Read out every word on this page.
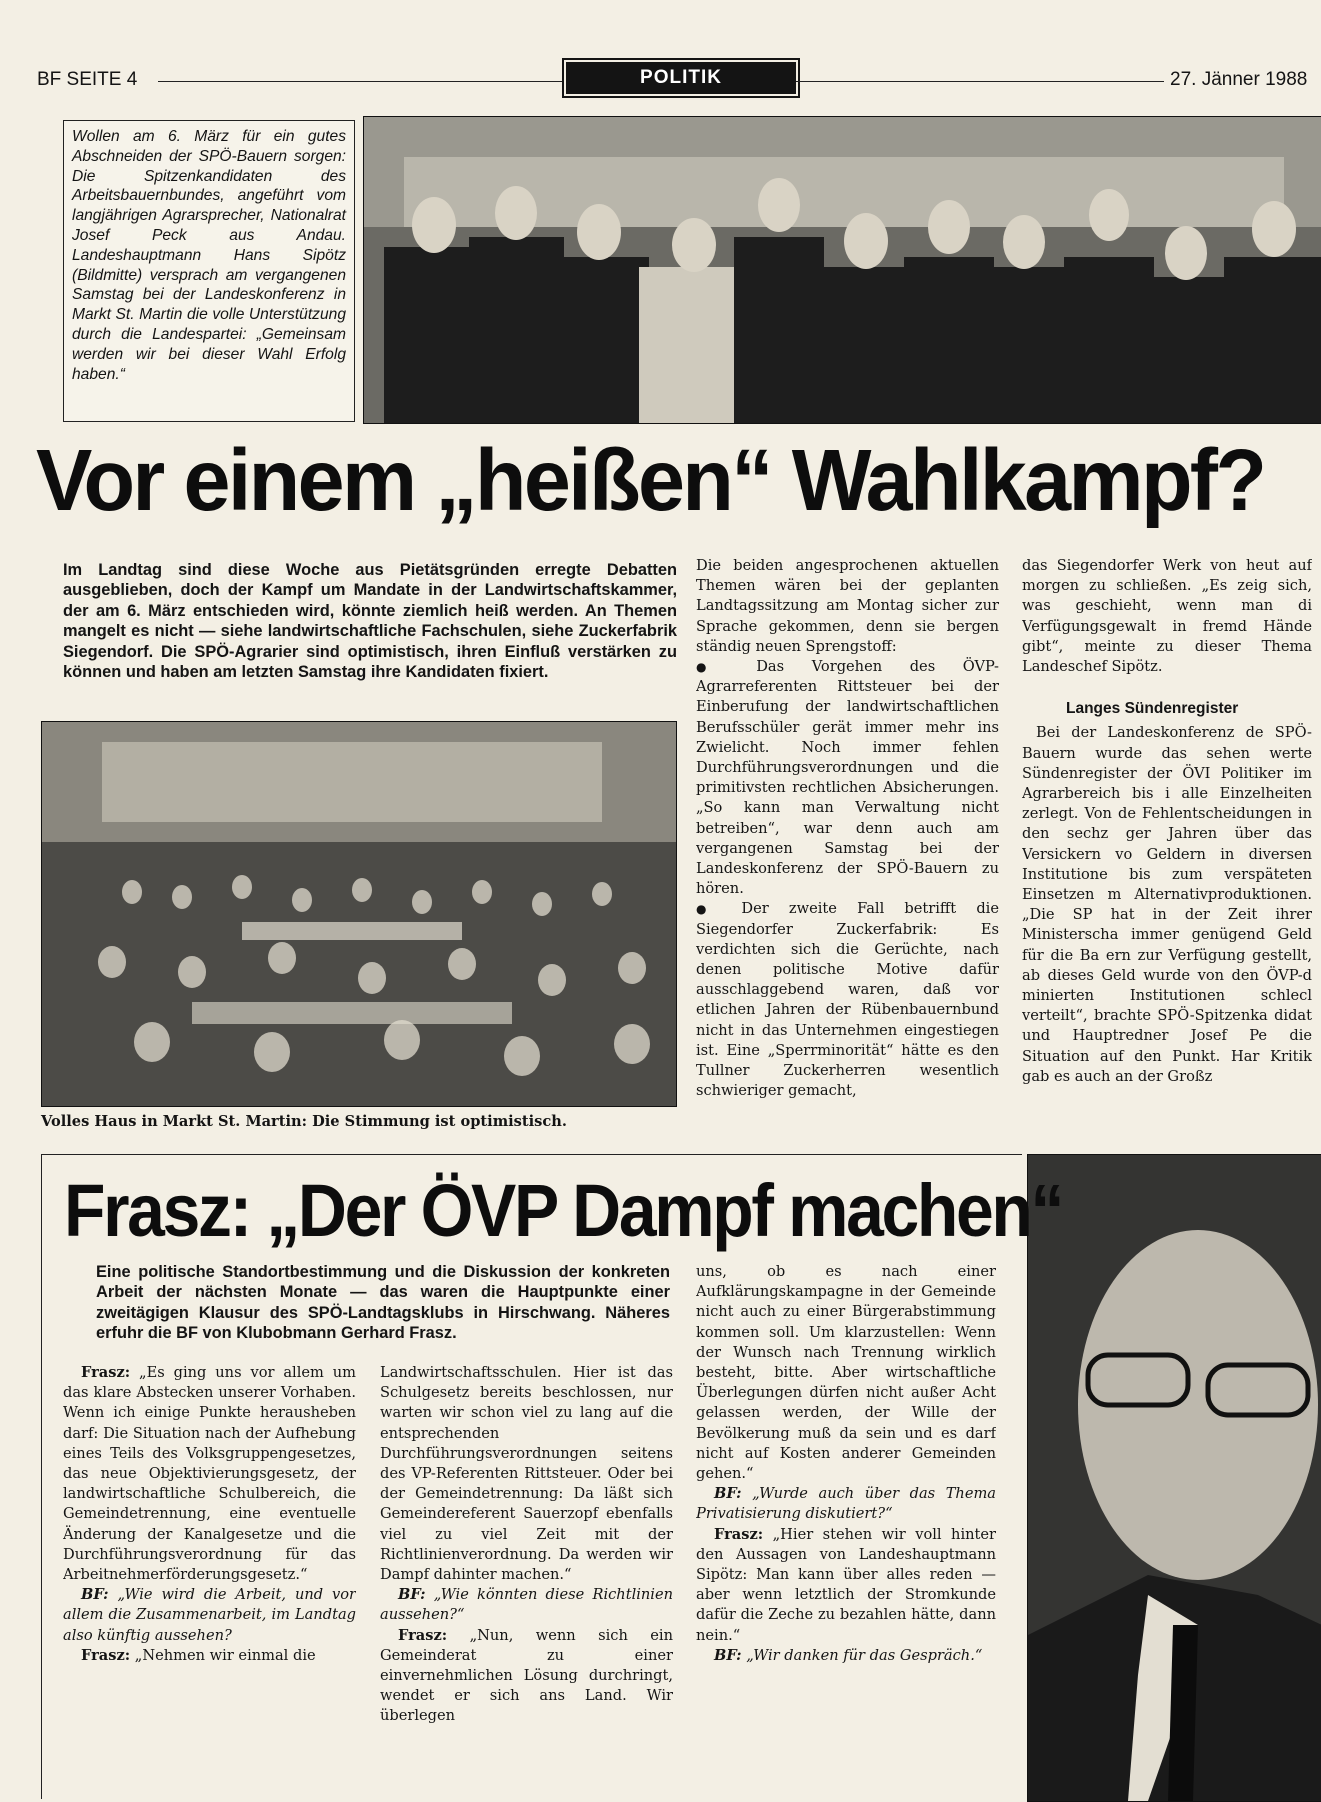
BF SEITE 4	POLITIK	27. Jänner 1988
Wollen am 6. März für ein gutes Abschneiden der SPÖ-Bauern sorgen: Die Spitzenkandidaten des Arbeitsbauernbundes, angeführt vom langjährigen Agrarsprecher, Nationalrat Josef Peck aus Andau. Landeshauptmann Hans Sipötz (Bildmitte) versprach am vergangenen Samstag bei der Landeskonferenz in Markt St. Martin die volle Unterstützung durch die Landespartei: „Gemeinsam werden wir bei dieser Wahl Erfolg haben.“
Vor einem „heißen“ Wahlkampf?
Im Landtag sind diese Woche aus Pietätsgründen erregte Debatten ausgeblieben, doch der Kampf um Mandate in der Landwirtschaftskammer, der am 6. März entschieden wird, könnte ziemlich heiß werden. An Themen mangelt es nicht — siehe landwirtschaftliche Fachschulen, siehe Zuckerfabrik Siegendorf. Die SPÖ-Agrarier sind optimistisch, ihren Einfluß verstärken zu können und haben am letzten Samstag ihre Kandidaten fixiert.
Volles Haus in Markt St. Martin: Die Stimmung ist optimistisch.

Die beiden angesprochenen aktuellen Themen wären bei der geplanten Landtagssitzung am Montag sicher zur Sprache gekommen, denn sie bergen ständig neuen Sprengstoff:

● Das Vorgehen des ÖVP-Agrarreferenten Rittsteuer bei der Einberufung der landwirtschaftlichen Berufsschüler gerät immer mehr ins Zwielicht. Noch immer fehlen Durchführungsverordnungen und die primitivsten rechtlichen Absicherungen. „So kann man Verwaltung nicht betreiben“, war denn auch am vergangenen Samstag bei der Landeskonferenz der SPÖ-Bauern zu hören.

● Der zweite Fall betrifft die Siegendorfer Zuckerfabrik: Es verdichten sich die Gerüchte, nach denen politische Motive dafür ausschlaggebend waren, daß vor etlichen Jahren der Rübenbauernbund nicht in das Unternehmen eingestiegen ist. Eine „Sperrminorität“ hätte es den Tullner Zuckerherren wesentlich schwieriger gemacht,

das Siegendorfer Werk von heut auf morgen zu schließen. „Es zeig sich, was geschieht, wenn man di Verfügungsgewalt in fremd Hände gibt“, meinte zu dieser Thema Landeschef Sipötz.

Langes Sündenregister

Bei der Landeskonferenz de SPÖ-Bauern wurde das sehen werte Sündenregister der ÖVI Politiker im Agrarbereich bis i alle Einzelheiten zerlegt. Von de Fehlentscheidungen in den sechz ger Jahren über das Versickern vo Geldern in diversen Institutione bis zum verspäteten Einsetzen m Alternativproduktionen. „Die SP hat in der Zeit ihrer Ministerscha immer genügend Geld für die Ba ern zur Verfügung gestellt, ab dieses Geld wurde von den ÖVP-d minierten Institutionen schlecl verteilt“, brachte SPÖ-Spitzenka didat und Hauptredner Josef Pe die Situation auf den Punkt. Har Kritik gab es auch an der Großz

Frasz: „Der ÖVP Dampf machen“
Eine politische Standortbestimmung und die Diskussion der konkreten Arbeit der nächsten Monate — das waren die Hauptpunkte einer zweitägigen Klausur des SPÖ-Landtagsklubs in Hirschwang. Näheres erfuhr die BF von Klubobmann Gerhard Frasz.

Frasz: „Es ging uns vor allem um das klare Abstecken unserer Vorhaben. Wenn ich einige Punkte herausheben darf: Die Situation nach der Aufhebung eines Teils des Volksgruppengesetzes, das neue Objektivierungsgesetz, der landwirtschaftliche Schulbereich, die Gemeindetrennung, eine eventuelle Änderung der Kanalgesetze und die Durchführungsverordnung für das Arbeitnehmerförderungsgesetz.“

BF: „Wie wird die Arbeit, und vor allem die Zusammenarbeit, im Landtag also künftig aussehen?

Frasz: „Nehmen wir einmal die

Landwirtschaftsschulen. Hier ist das Schulgesetz bereits beschlossen, nur warten wir schon viel zu lang auf die entsprechenden Durchführungsverordnungen seitens des VP-Referenten Rittsteuer. Oder bei der Gemeindetrennung: Da läßt sich Gemeindereferent Sauerzopf ebenfalls viel zu viel Zeit mit der Richtlinienverordnung. Da werden wir Dampf dahinter machen.“

BF: „Wie könnten diese Richtlinien aussehen?“

Frasz: „Nun, wenn sich ein Gemeinderat zu einer einvernehmlichen Lösung durchringt, wendet er sich ans Land. Wir überlegen

uns, ob es nach einer Aufklärungskampagne in der Gemeinde nicht auch zu einer Bürgerabstimmung kommen soll. Um klarzustellen: Wenn der Wunsch nach Trennung wirklich besteht, bitte. Aber wirtschaftliche Überlegungen dürfen nicht außer Acht gelassen werden, der Wille der Bevölkerung muß da sein und es darf nicht auf Kosten anderer Gemeinden gehen.“

BF: „Wurde auch über das Thema Privatisierung diskutiert?“

Frasz: „Hier stehen wir voll hinter den Aussagen von Landeshauptmann Sipötz: Man kann über alles reden — aber wenn letztlich der Stromkunde dafür die Zeche zu bezahlen hätte, dann nein.“

BF: „Wir danken für das Gespräch.“
